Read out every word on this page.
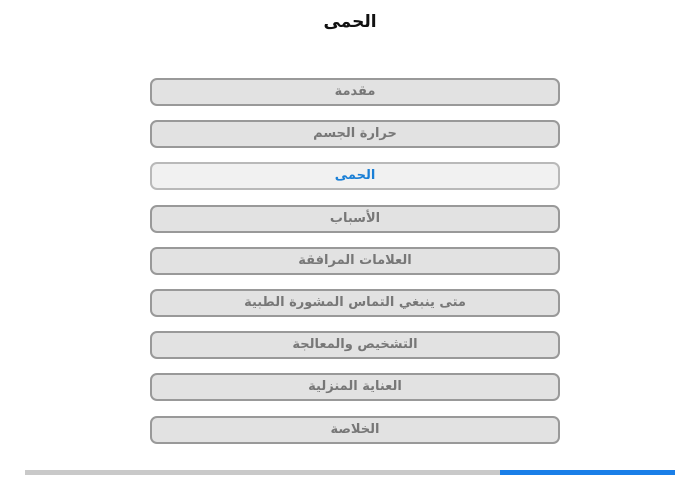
الحمى
مقدمة
حرارة الجسم
الحمى
الأسباب
العلامات المرافقة
متى ينبغي التماس المشورة الطبية
التشخيص والمعالجة
العناية المنزلية
الخلاصة
